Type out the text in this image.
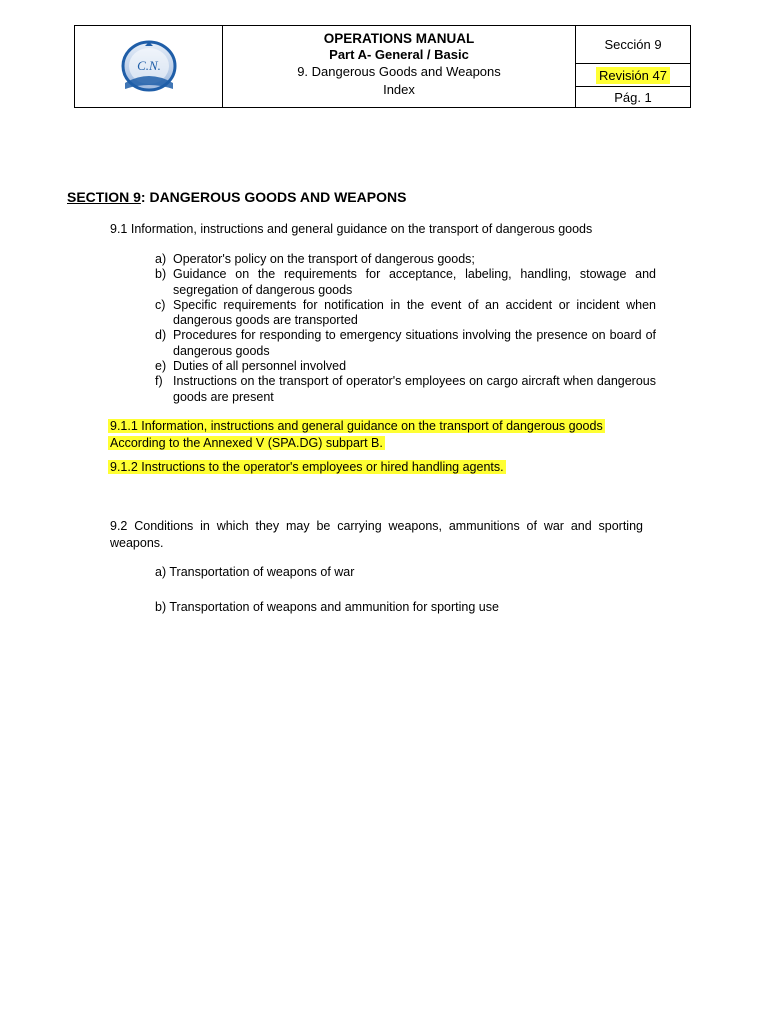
C.N.
OPERATIONS MANUAL
Part A- General / Basic
9. Dangerous Goods and Weapons
Index
Sección 9
Revisión 47
Pág. 1
SECTION 9: DANGEROUS GOODS AND WEAPONS
9.1 Information, instructions and general guidance on the transport of dangerous goods
a) Operator's policy on the transport of dangerous goods;
b) Guidance on the requirements for acceptance, labeling, handling, stowage and segregation of dangerous goods
c) Specific requirements for notification in the event of an accident or incident when dangerous goods are transported
d) Procedures for responding to emergency situations involving the presence on board of dangerous goods
e) Duties of all personnel involved
f) Instructions on the transport of operator's employees on cargo aircraft when dangerous goods are present
9.1.1 Information, instructions and general guidance on the transport of dangerous goods
According to the Annexed V (SPA.DG) subpart B.
9.1.2 Instructions to the operator's employees or hired handling agents.
9.2 Conditions in which they may be carrying weapons, ammunitions of war and sporting weapons.
a) Transportation of weapons of war
b) Transportation of weapons and ammunition for sporting use
